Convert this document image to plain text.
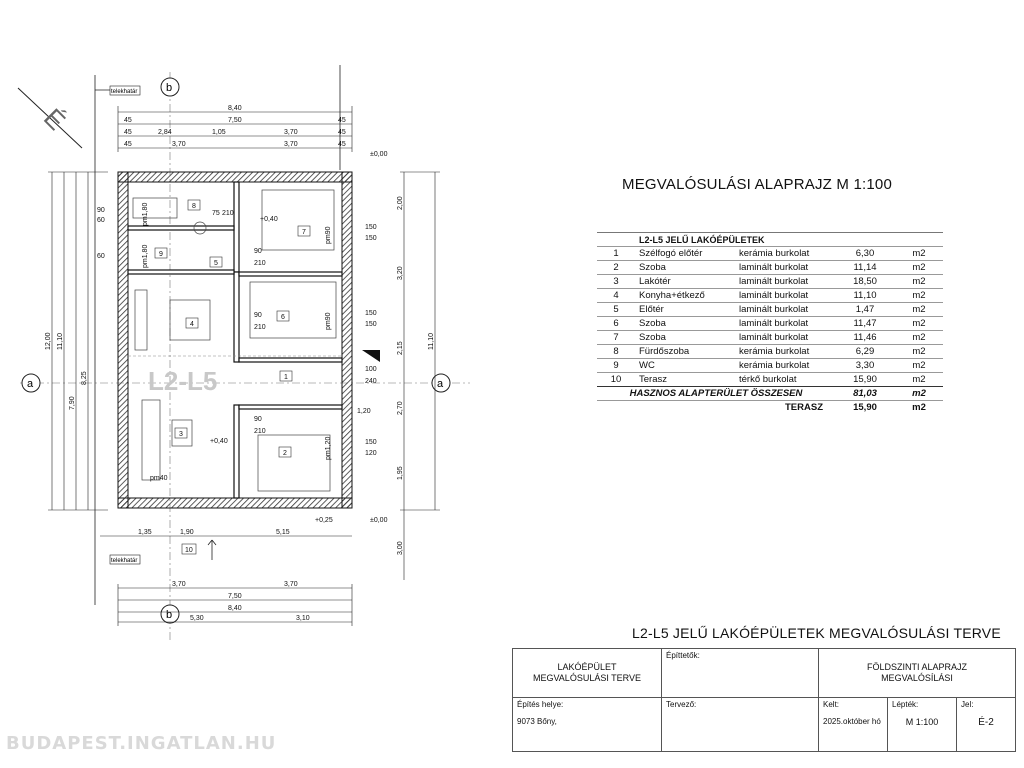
É
b
b
a	a
telekhatár
telekhatár
8,40
7,50
2,84	1,05	3,70
3,70	3,70
45	45
45	45
45	45
3,70	3,70
7,50
8,40
5,30	3,10
1,35	1,90	5,15
12,00 11,10
7,90
8,25
11,10
2,00
3,20
2,15
2,70
1,95
3,00
1
2
3
4
5
6
7
8
9
10
pm1,80
pm1,80
pm90
pm90
pm1,20
pm40
150
150
150
150
150
120
100
240
1,20
90
210
90
210
90
210
75 210
90
60
60
±0,00
+0,40
+0,40
+0,25	±0,00
L2-L5
MEGVALÓSULÁSI ALAPRAJZ M 1:100
	L2-L5 JELŰ LAKÓÉPÜLETEK			
1	Szélfogó előtér	kerámia burkolat	6,30	m2
2	Szoba	laminált burkolat	11,14	m2
3	Lakótér	laminált burkolat	18,50	m2
4	Konyha+étkező	laminált burkolat	11,10	m2
5	Előtér	laminált burkolat	1,47	m2
6	Szoba	laminált burkolat	11,47	m2
7	Szoba	laminált burkolat	11,46	m2
8	Fürdőszoba	kerámia burkolat	6,29	m2
9	WC	kerámia burkolat	3,30	m2
10	Terasz	térkő burkolat	15,90	m2
HASZNOS ALAPTERÜLET ÖSSZESEN			81,03	m2
TERASZ			15,90	m2
L2-L5 JELŰ LAKÓÉPÜLETEK MEGVALÓSULÁSI TERVE
LAKÓÉPÜLET
MEGVALÓSULÁSI TERVE
Építtetők:
FÖLDSZINTI ALAPRAJZ
MEGVALÓSÍLÁSI
Építés helye:
9073 Bőny,
Tervező:	Kelt:
2025.október hó
Lépték:
M 1:100
Jel:
É-2
BUDAPEST.INGATLAN.HU
